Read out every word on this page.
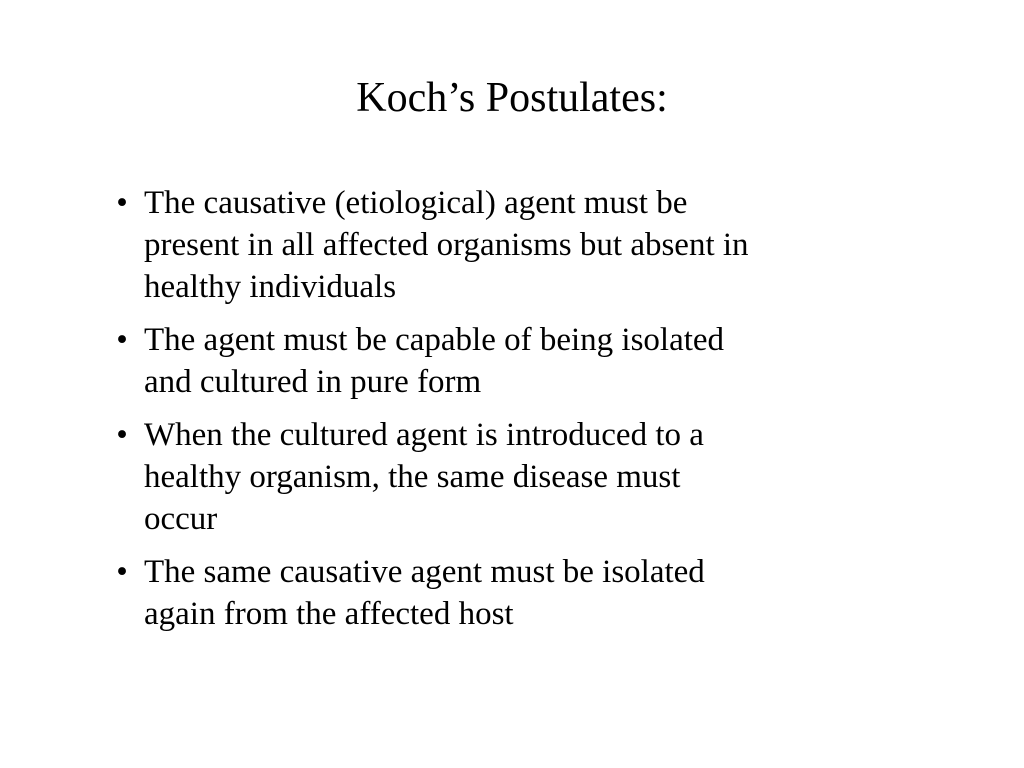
Koch’s Postulates:
• The causative (etiological) agent must be present in all affected organisms but absent in healthy individuals
• The agent must be capable of being isolated and cultured in pure form
• When the cultured agent is introduced to a healthy organism, the same disease must occur
• The same causative agent must be isolated again from the affected host
